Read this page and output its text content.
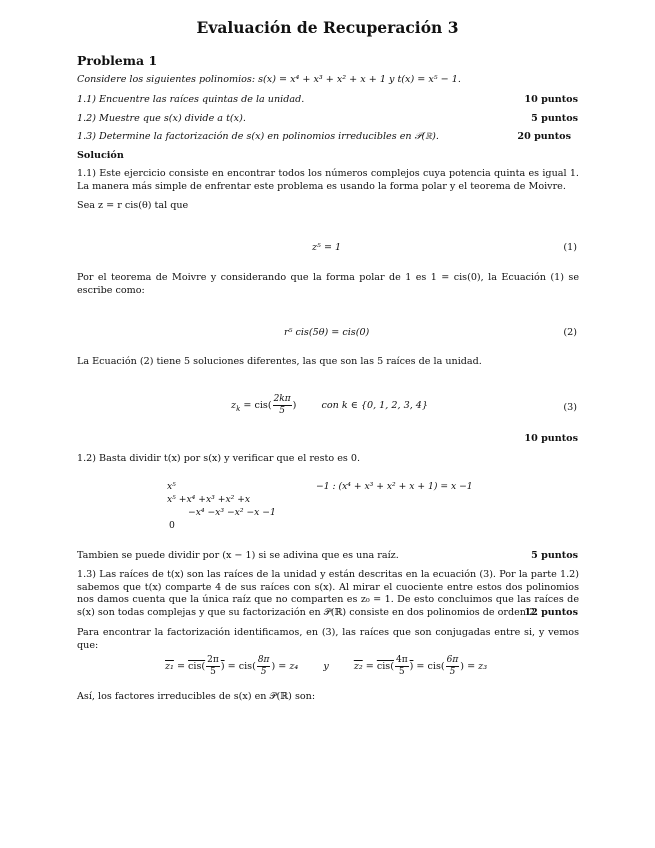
Evaluación de Recuperación 3
Problema 1
Considere los siguientes polinomios: s(x) = x⁴ + x³ + x² + x + 1 y t(x) = x⁵ − 1.
1.1) Encuentre las raíces quintas de la unidad.	10 puntos
1.2) Muestre que s(x) divide a t(x).	5 puntos
1.3) Determine la factorización de s(x) en polinomios irreducibles en 𝒫(ℝ).	20 puntos
Solución
1.1) Este ejercicio consiste en encontrar todos los números complejos cuya potencia quinta es igual 1. La manera más simple de enfrentar este problema es usando la forma polar y el teorema de Moivre.
Sea z = r cis(θ) tal que
z⁵ = 1	(1)
Por el teorema de Moivre y considerando que la forma polar de 1 es 1 = cis(0), la Ecuación (1) se escribe como:
r⁵ cis(5θ) = cis(0)	(2)
La Ecuación (2) tiene 5 soluciones diferentes, las que son las 5 raíces de la unidad.
$z_k = cis( \frac{2k\pi}{5}$ )	con k ∈ {0, 1, 2, 3, 4}	(3)
10 puntos
1.2) Basta dividir t(x) por s(x) y verificar que el resto es 0.
x⁵	−1 : (x⁴ + x³ + x² + x + 1) = x −1
x⁵ +x⁴ +x³ +x² +x
−x⁴ −x³ −x² −x −1
0
Tambien se puede dividir por (x − 1) si se adivina que es una raíz.	5 puntos
1.3) Las raíces de t(x) son las raíces de la unidad y están descritas en la ecuación (3). Por la parte 1.2) sabemos que t(x) comparte 4 de sus raíces con s(x). Al mirar el cuociente entre estos dos polinomios nos damos cuenta que la única raíz que no comparten es z₀ = 1. De esto concluimos que las raíces de s(x) son todas complejas y que su factorización en 𝒫(ℝ) consiste en dos polinomios de orden 2.
12 puntos
Para encontrar la factorización identificamos, en (3), las raíces que son conjugadas entre si, y vemos que:
$z_1 = cis( \frac{2\pi}{5}$ ) = $cis( \frac{8\pi}{5}$ ) = z₄	y	$z_2 = cis( \frac{4\pi}{5}$ ) = $cis( \frac{6\pi}{5}$ ) = z₃
Así, los factores irreducibles de s(x) en 𝒫(ℝ) son:
